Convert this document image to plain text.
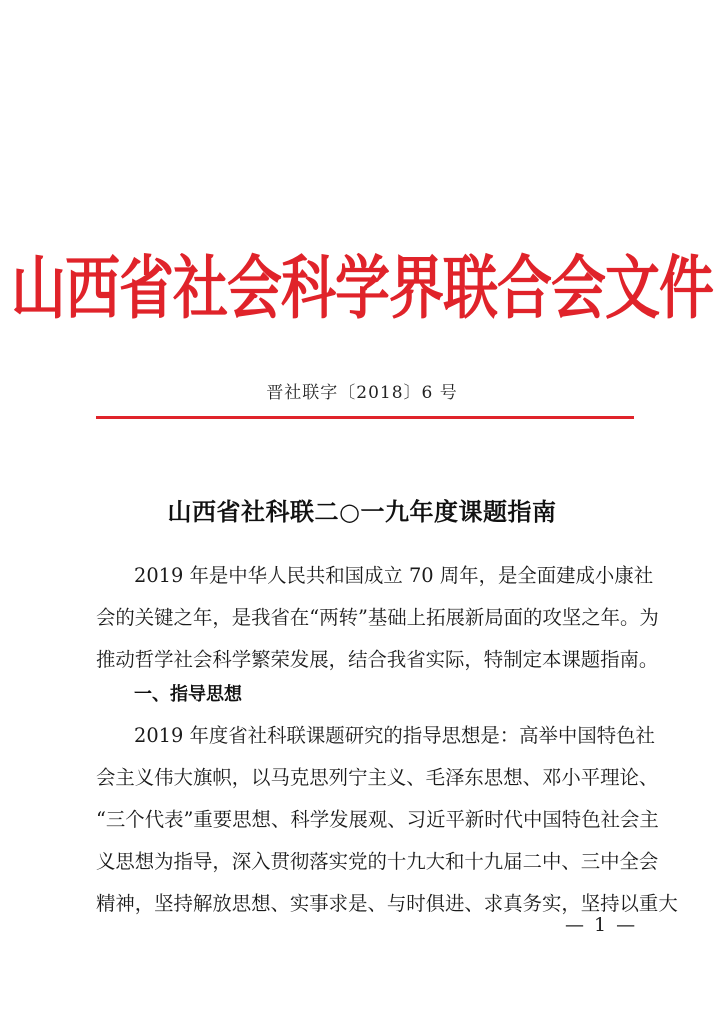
山西省社会科学界联合会文件
晋社联字〔2018〕6 号
山西省社科联二○一九年度课题指南
2019 年是中华人民共和国成立 70 周年，是全面建成小康社
会的关键之年，是我省在“两转”基础上拓展新局面的攻坚之年。为
推动哲学社会科学繁荣发展，结合我省实际，特制定本课题指南。
一、指导思想
2019 年度省社科联课题研究的指导思想是：高举中国特色社
会主义伟大旗帜，以马克思列宁主义、毛泽东思想、邓小平理论、
“三个代表”重要思想、科学发展观、习近平新时代中国特色社会主
义思想为指导，深入贯彻落实党的十九大和十九届二中、三中全会
精神，坚持解放思想、实事求是、与时俱进、求真务实，坚持以重大
— 1 —
